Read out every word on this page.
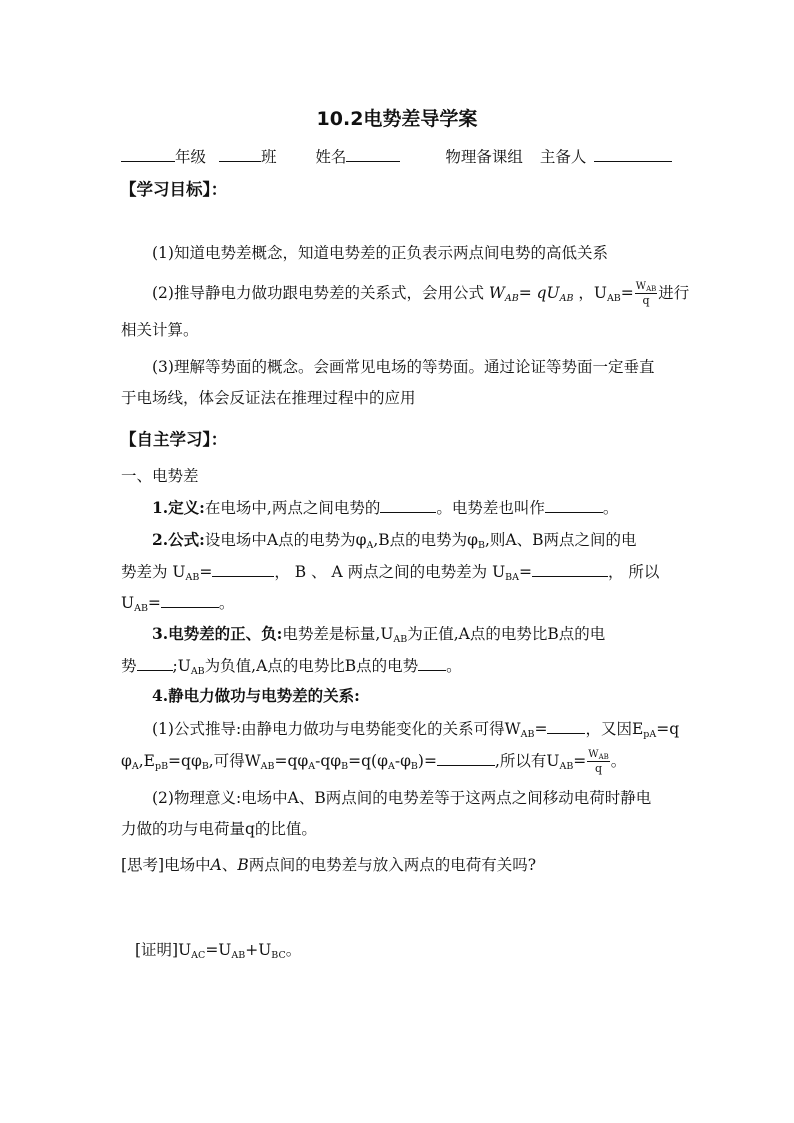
10.2电势差导学案
年级	班	姓名	物理备课组 主备人
【学习目标】：
(1)知道电势差概念，知道电势差的正负表示两点间电势的高低关系
(2)推导静电力做功跟电势差的关系式，会用公式 $W_{AB}= qU_{AB}$ ，$U_{AB}= \frac{W_{AB}}{q}$ 进行
相关计算。
(3)理解等势面的概念。会画常见电场的等势面。通过论证等势面一定垂直
于电场线，体会反证法在推理过程中的应用
【自主学习】：
一、电势差
1.定义:在电场中,两点之间电势的	。电势差也叫作	。
2.公式:设电场中A点的电势为$\varphi_A,B$点的电势为$\varphi_B$,则A、B两点之间的电
势差为 $U_{AB}=$	， B 、 A 两点之间的电势差为 $U_{BA}=$	， 所以
$U_{AB}=$	。
3.电势差的正、负:电势差是标量$,U_{AB}$为正值,A点的电势比B点的电
势 $;U_{AB}$为负值,A点的电势比B点的电势 。
4.静电力做功与电势差的关系:
(1)公式推导:由静电力做功与电势能变化的关系可得$W_{AB}=$ ，又因$E_{pA}=q$
$\varphi_A,E_{pB}=q\varphi_B$,可得$W_{AB}=q\varphi_A-q\varphi_B=q(\varphi_A-\varphi_B)=$	,所以有$U_{AB}= \frac{W_{AB}}{q}$ 。
(2)物理意义:电场中A、B两点间的电势差等于这两点之间移动电荷时静电
力做的功与电荷量q的比值。
[思考]电场中A、B两点间的电势差与放入两点的电荷有关吗?
[证明]$U_{AC}=U_{AB}+U_{BC}$。
